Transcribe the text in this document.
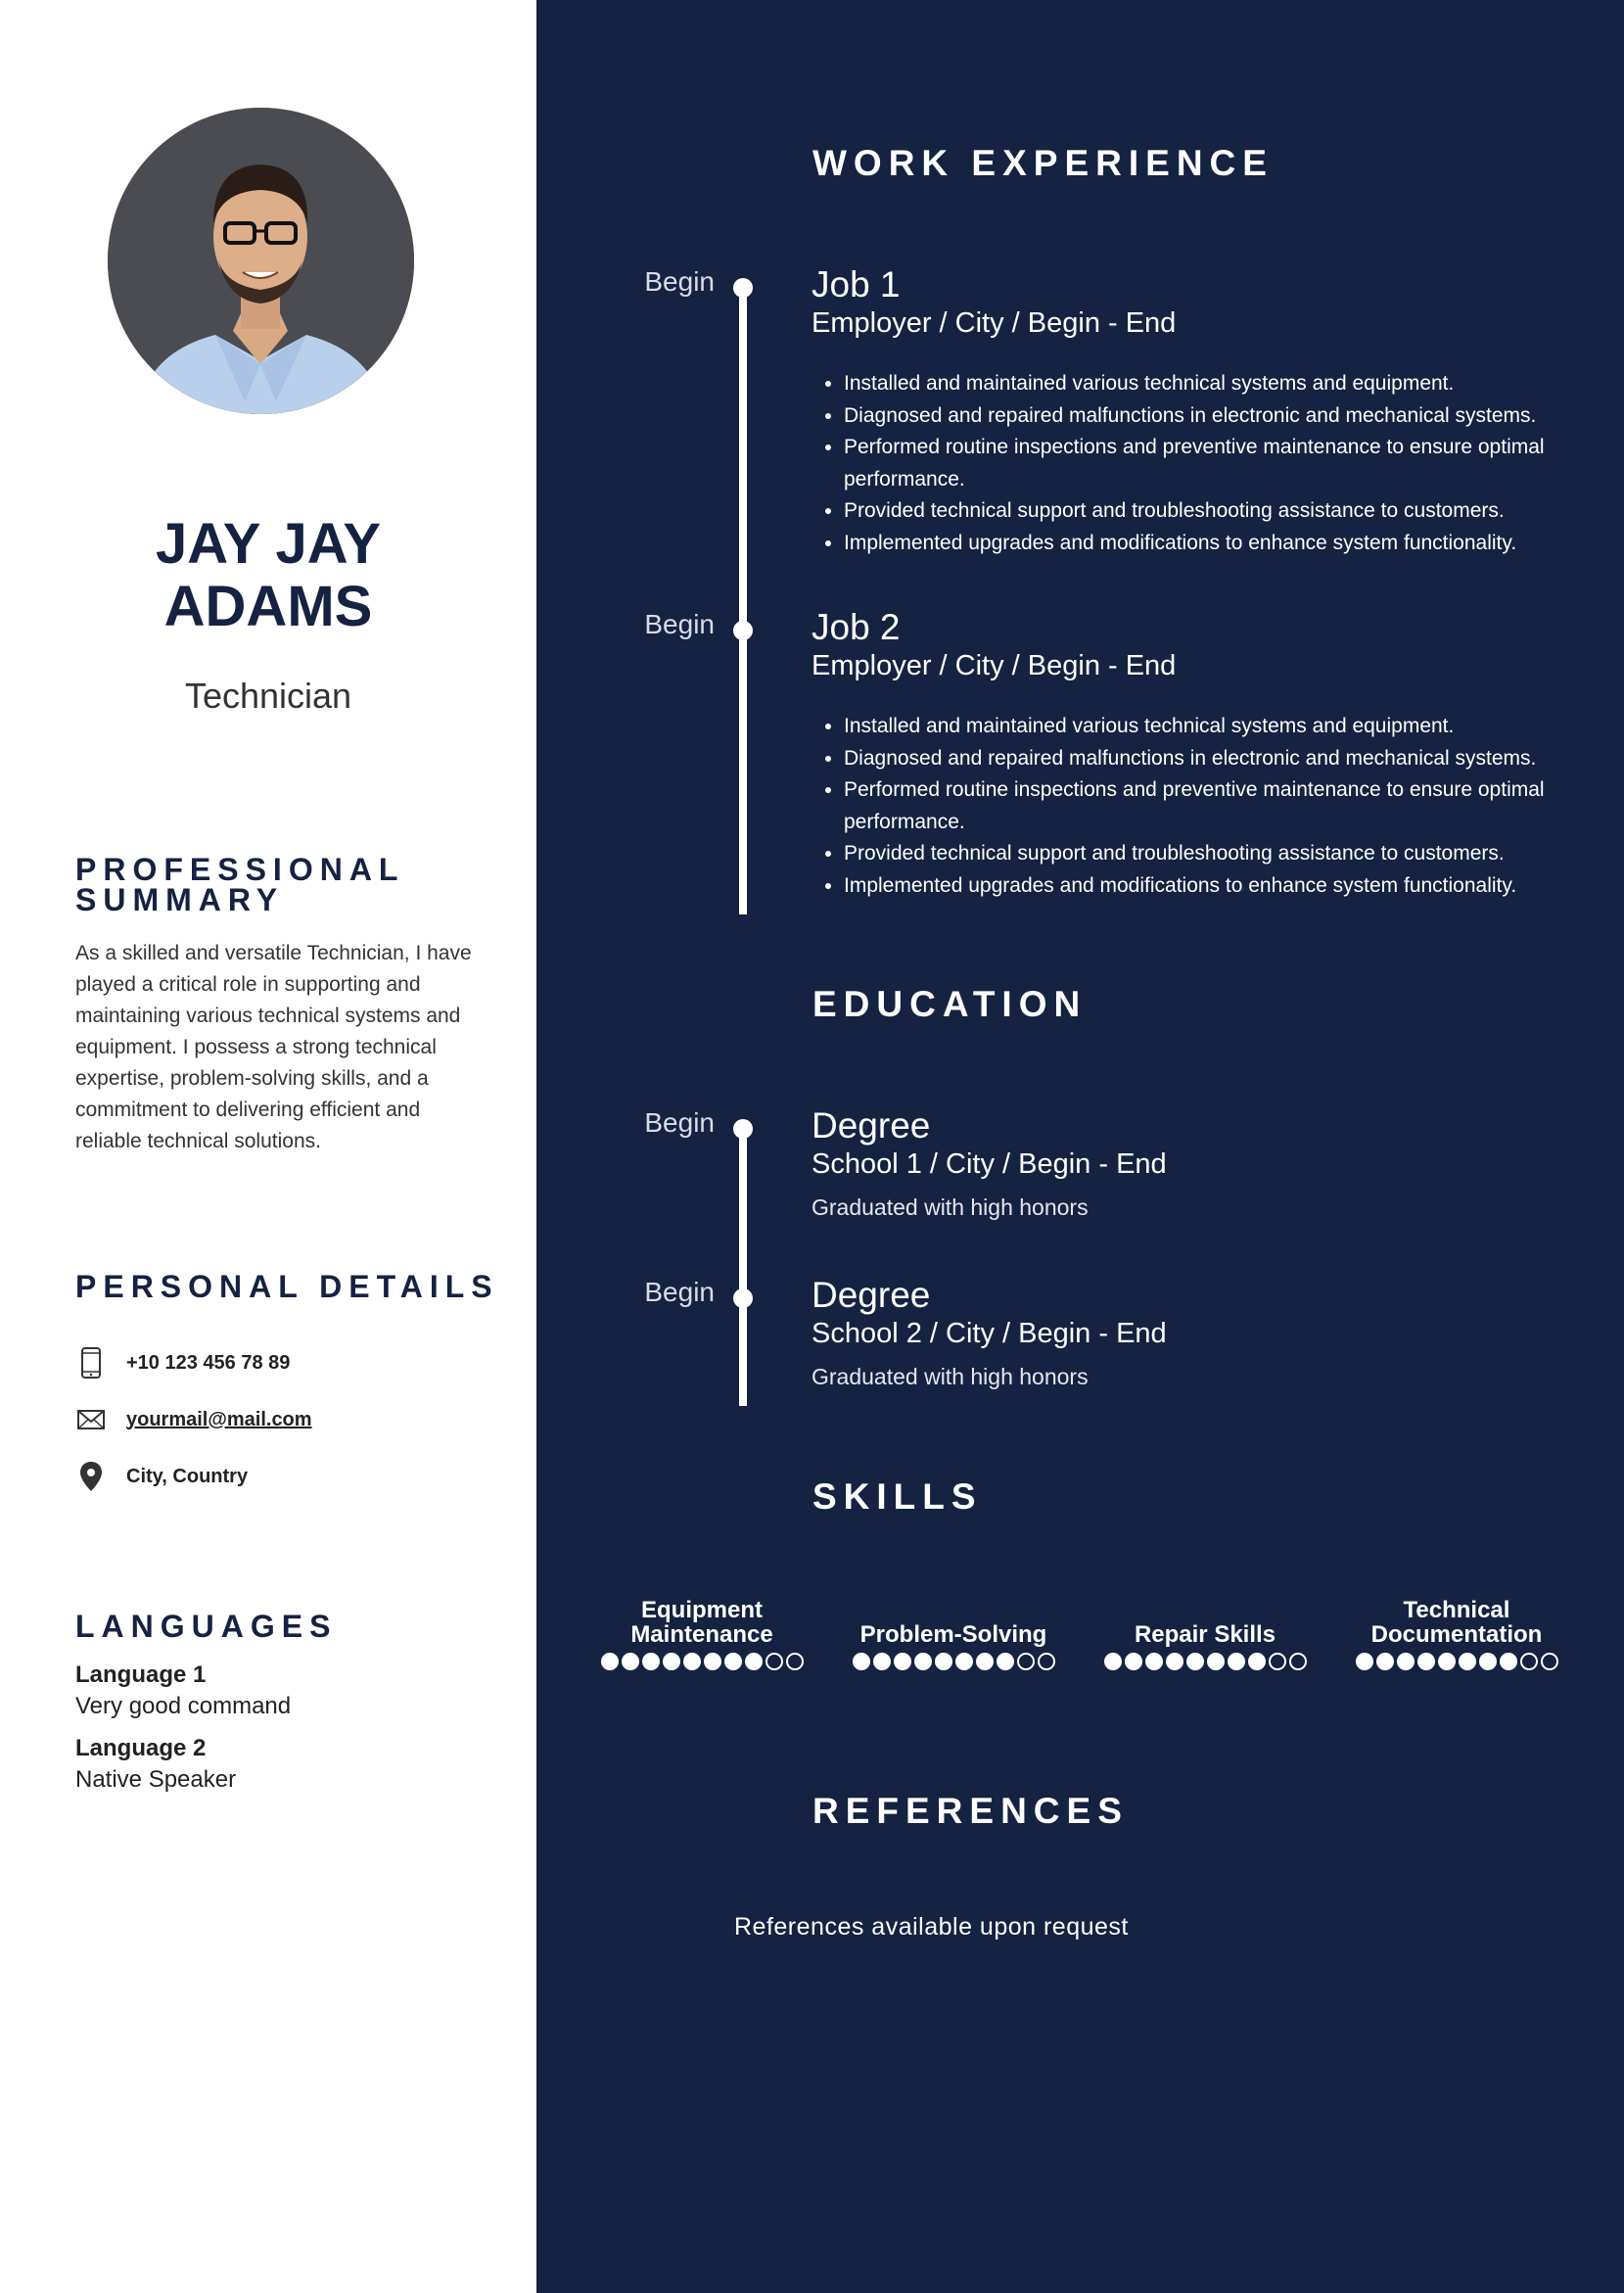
JAY JAY
ADAMS
Technician
PROFESSIONAL
SUMMARY
As a skilled and versatile Technician, I have played a critical role in supporting and maintaining various technical systems and equipment. I possess a strong technical expertise, problem-solving skills, and a commitment to delivering efficient and reliable technical solutions.
PERSONAL DETAILS
+10 123 456 78 89
yourmail@mail.com
City, Country
LANGUAGES
Language 1
Very good command
Language 2
Native Speaker
WORK EXPERIENCE
Begin	Job 1
Employer / City / Begin - End
• Installed and maintained various technical systems and equipment.
• Diagnosed and repaired malfunctions in electronic and mechanical systems.
• Performed routine inspections and preventive maintenance to ensure optimal performance.
• Provided technical support and troubleshooting assistance to customers.
• Implemented upgrades and modifications to enhance system functionality.
Begin	Job 2
Employer / City / Begin - End
• Installed and maintained various technical systems and equipment.
• Diagnosed and repaired malfunctions in electronic and mechanical systems.
• Performed routine inspections and preventive maintenance to ensure optimal performance.
• Provided technical support and troubleshooting assistance to customers.
• Implemented upgrades and modifications to enhance system functionality.
EDUCATION
Begin	Degree
School 1 / City / Begin - End
Graduated with high honors
Begin	Degree
School 2 / City / Begin - End
Graduated with high honors
SKILLS
Equipment
Maintenance	Problem-Solving	Repair Skills
Technical
Documentation
REFERENCES
References available upon request
